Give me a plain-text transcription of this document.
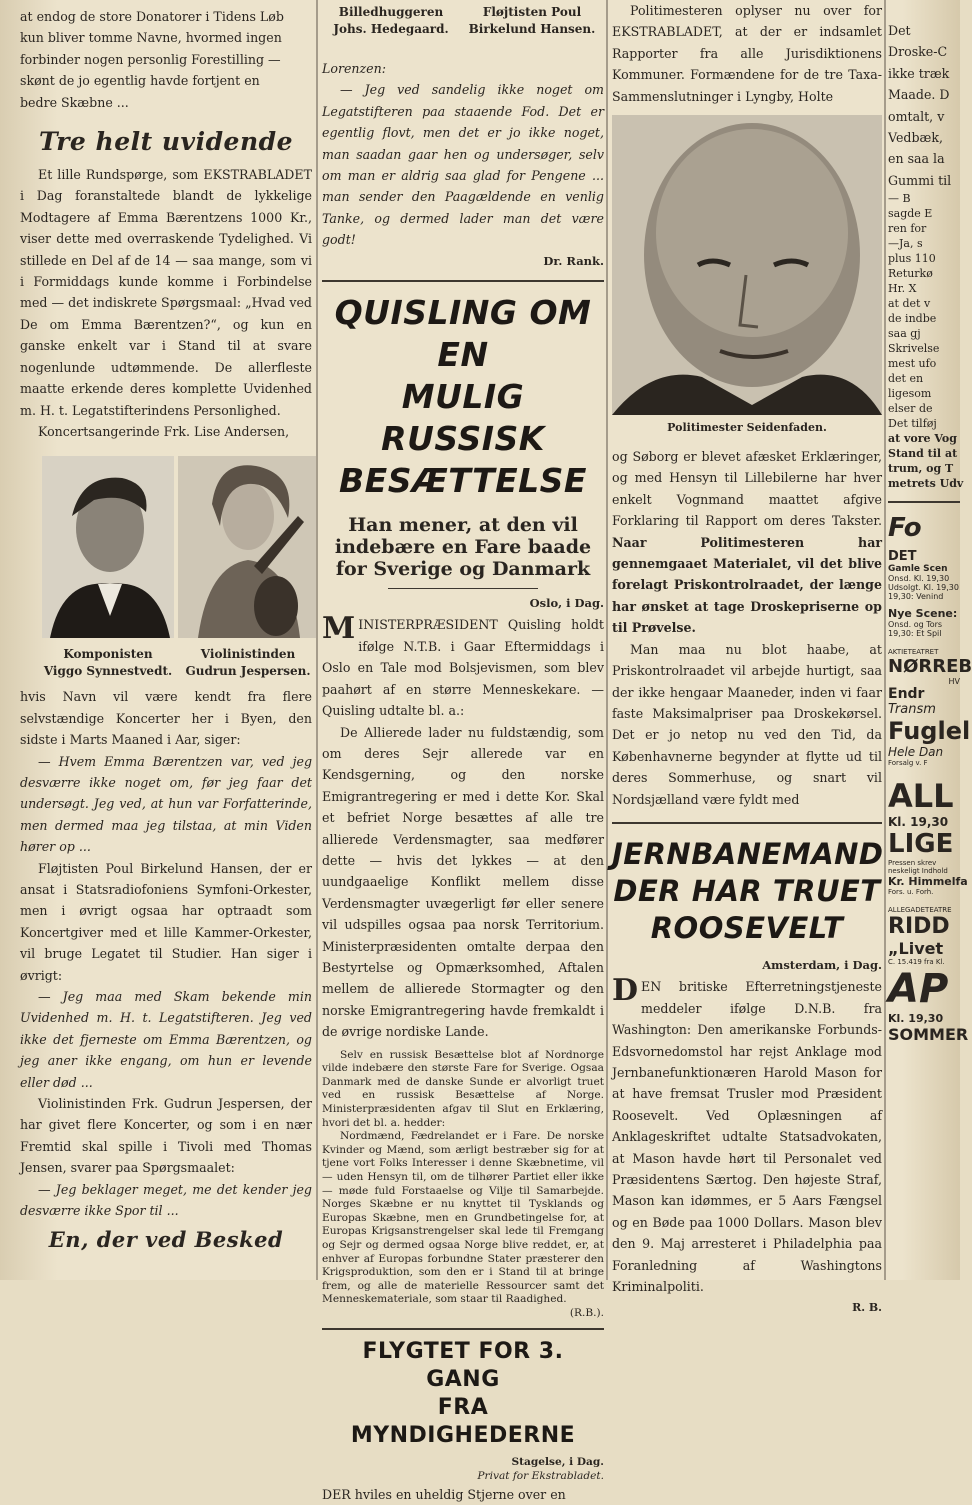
at endog de store Donatorer i Tidens Løb

kun bliver tomme Navne, hvormed ingen

forbinder nogen personlig Forestilling —

skønt de jo egentlig havde fortjent en

bedre Skæbne ...

Tre helt uvidende

Et lille Rundspørge, som EKSTRABLADET i Dag foranstaltede blandt de lykkelige Modtagere af Emma Bærentzens 1000 Kr., viser dette med overraskende Tydelighed. Vi stillede en Del af de 14 — saa mange, som vi i Formiddags kunde komme i Forbindelse med — det indiskrete Spørgsmaal: „Hvad ved De om Emma Bærentzen?“, og kun en ganske enkelt var i Stand til at svare nogenlunde udtømmende. De allerfleste maatte erkende deres komplette Uvidenhed m. H. t. Legatstifterindens Personlighed.

Koncertsangerinde Frk. Lise Andersen,

Komponisten
Viggo Synnestvedt.
Violinistinden
Gudrun Jespersen.

hvis Navn vil være kendt fra flere selvstændige Koncerter her i Byen, den sidste i Marts Maaned i Aar, siger:

— Hvem Emma Bærentzen var, ved jeg desværre ikke noget om, før jeg faar det undersøgt. Jeg ved, at hun var Forfatterinde, men dermed maa jeg tilstaa, at min Viden hører op ...

Fløjtisten Poul Birkelund Hansen, der er ansat i Statsradiofoniens Symfoni-Orkester, men i øvrigt ogsaa har optraadt som Koncertgiver med et lille Kammer-Orkester, vil bruge Legatet til Studier. Han siger i øvrigt:

— Jeg maa med Skam bekende min Uvidenhed m. H. t. Legatstifteren. Jeg ved ikke det fjerneste om Emma Bærentzen, og jeg aner ikke engang, om hun er levende eller død ...

Violinistinden Frk. Gudrun Jespersen, der har givet flere Koncerter, og som i en nær Fremtid skal spille i Tivoli med Thomas Jensen, svarer paa Spørgsmaalet:

— Jeg beklager meget, me det kender jeg desværre ikke Spor til ...

En, der ved Besked
Billedhuggeren
Johs. Hedegaard.
Fløjtisten Poul
Birkelund Hansen.

Lorenzen:

— Jeg ved sandelig ikke noget om Legatstifteren paa staaende Fod. Det er egentlig flovt, men det er jo ikke noget, man saadan gaar hen og undersøger, selv om man er aldrig saa glad for Pengene ... man sender den Paagældende en venlig Tanke, og dermed lader man det være godt!

Dr. Rank.

QUISLING OM EN
MULIG RUSSISK
BESÆTTELSE
Han mener, at den vil
indebære en Fare baade
for Sverige og Danmark

Oslo, i Dag.

MINISTERPRÆSIDENT Quisling holdt ifølge N.T.B. i Gaar Eftermiddags i Oslo en Tale mod Bolsjevismen, som blev paahørt af en større Menneskekare. — Quisling udtalte bl. a.:

De Allierede lader nu fuldstændig, som om deres Sejr allerede var en Kendsgerning, og den norske Emigrantregering er med i dette Kor. Skal et befriet Norge besættes af alle tre allierede Verdensmagter, saa medfører dette — hvis det lykkes — at den uundgaaelige Konflikt mellem disse Verdensmagter uvægerligt før eller senere vil udspilles ogsaa paa norsk Territorium. Ministerpræsidenten omtalte derpaa den Bestyrtelse og Opmærksomhed, Aftalen mellem de allierede Stormagter og den norske Emigrantregering havde fremkaldt i de øvrige nordiske Lande.

Selv en russisk Besættelse blot af Nordnorge vilde indebære den største Fare for Sverige. Ogsaa Danmark med de danske Sunde er alvorligt truet ved en russisk Besættelse af Norge. Ministerpræsidenten afgav til Slut en Erklæring, hvori det bl. a. hedder:

Nordmænd, Fædrelandet er i Fare. De norske Kvinder og Mænd, som ærligt bestræber sig for at tjene vort Folks Interesser i denne Skæbnetime, vil — uden Hensyn til, om de tilhører Partiet eller ikke — møde fuld Forstaaelse og Vilje til Samarbejde. Norges Skæbne er nu knyttet til Tysklands og Europas Skæbne, men en Grundbetingelse for, at Europas Krigsanstrengelser skal lede til Fremgang og Sejr og dermed ogsaa Norge blive reddet, er, at enhver af Europas forbundne Stater præsterer den Krigsproduktion, som den er i Stand til at bringe frem, og alle de materielle Ressourcer samt det Menneskemateriale, som staar til Raadighed.

(R.B.).

FLYGTET FOR 3. GANG
FRA MYNDIGHEDERNE

Stagelse, i Dag.

Privat for Ekstrabladet.

DER hviles en uheldig Stjerne over en

Politimesteren oplyser nu over for EKSTRABLADET, at der er indsamlet Rapporter fra alle Jurisdiktionens Kommuner. Formændene for de tre Taxa-Sammenslutninger i Lyngby, Holte

Politimester Seidenfaden.

og Søborg er blevet afæsket Erklæringer, og med Hensyn til Lillebilerne har hver enkelt Vognmand maattet afgive Forklaring til Rapport om deres Takster. Naar Politimesteren har gennemgaaet Materialet, vil det blive forelagt Priskontrolraadet, der længe har ønsket at tage Droskepriserne op til Prøvelse.

Man maa nu blot haabe, at Priskontrolraadet vil arbejde hurtigt, saa der ikke hengaar Maaneder, inden vi faar faste Maksimalpriser paa Droskekørsel. Det er jo netop nu ved den Tid, da Københavnerne begynder at flytte ud til deres Sommerhuse, og snart vil Nordsjælland være fyldt med

JERNBANEMAND
DER HAR TRUET
ROOSEVELT

Amsterdam, i Dag.

DEN britiske Efterretningstjeneste meddeler ifølge D.N.B. fra Washington: Den amerikanske Forbunds-Edsvornedomstol har rejst Anklage mod Jernbanefunktionæren Harold Mason for at have fremsat Trusler mod Præsident Roosevelt. Ved Oplæsningen af Anklageskriftet udtalte Statsadvokaten, at Mason havde hørt til Personalet ved Præsidentens Særtog. Den højeste Straf, Mason kan idømmes, er 5 Aars Fængsel og en Bøde paa 1000 Dollars. Mason blev den 9. Maj arresteret i Philadelphia paa Foranledning af Washingtons Kriminalpoliti.

R. B.

Det
Droske-C
ikke træk
Maade. D
omtalt, v
Vedbæk,
en saa la
Gummi til
— B
sagde E
ren for
—Ja, s
plus 110
Returkø
Hr. X
at det v
de indbe
saa gj
Skrivelse
mest ufo
det en
ligesom
elser de
Det tilføj
at vore Vog
Stand til at
trum, og T
metrets Udv
Fo
DET
Gamle Scen
Onsd. Kl. 19,30
Udsolgt. Kl. 19,30
19,30: Venind
Nye Scene:
Onsd. og Tors
19,30: Et Spil
AKTIETEATRET
NØRREB
HV
Endr
Transm
Fuglel
Hele Dan
Forsalg v. F
ALL
Kl. 19,30
LIGE
Pressen skrev
neskeligt Indhold
Kr. Himmelfa
Fors. u. Forh.
ALLEGADETEATRE
RIDD
„Livet
C. 15.419 fra Kl.
AP
Kl. 19,30
SOMMER
